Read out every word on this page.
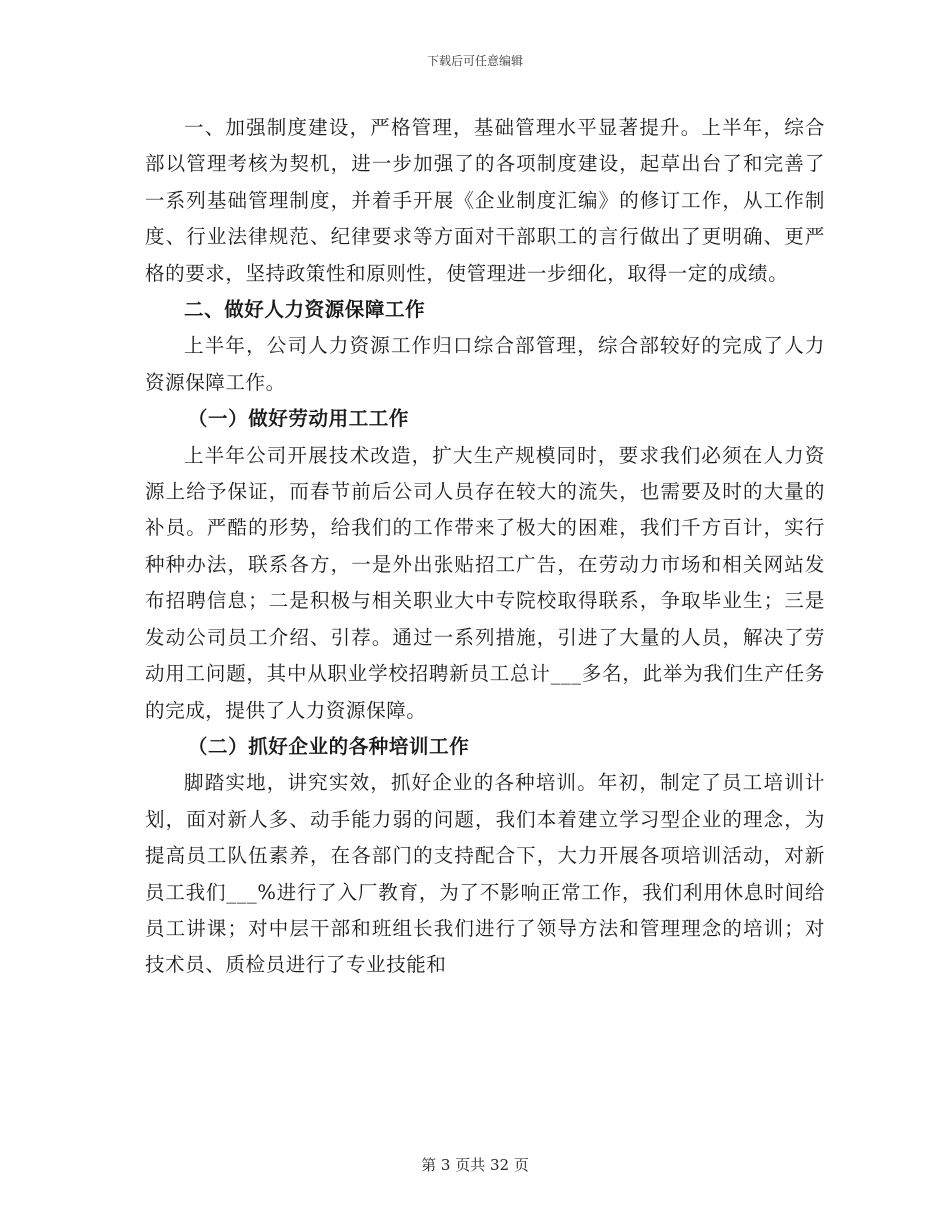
下载后可任意编辑

一、加强制度建设，严格管理，基础管理水平显著提升。上半年，综合部以管理考核为契机，进一步加强了的各项制度建设，起草出台了和完善了一系列基础管理制度，并着手开展《企业制度汇编》的修订工作，从工作制度、行业法律规范、纪律要求等方面对干部职工的言行做出了更明确、更严格的要求，坚持政策性和原则性，使管理进一步细化，取得一定的成绩。

二、做好人力资源保障工作

上半年，公司人力资源工作归口综合部管理，综合部较好的完成了人力资源保障工作。

（一）做好劳动用工工作

上半年公司开展技术改造，扩大生产规模同时，要求我们必须在人力资源上给予保证，而春节前后公司人员存在较大的流失，也需要及时的大量的补员。严酷的形势，给我们的工作带来了极大的困难，我们千方百计，实行种种办法，联系各方，一是外出张贴招工广告，在劳动力市场和相关网站发布招聘信息；二是积极与相关职业大中专院校取得联系，争取毕业生；三是发动公司员工介绍、引荐。通过一系列措施，引进了大量的人员，解决了劳动用工问题，其中从职业学校招聘新员工总计___多名，此举为我们生产任务的完成，提供了人力资源保障。

（二）抓好企业的各种培训工作

脚踏实地，讲究实效，抓好企业的各种培训。年初，制定了员工培训计划，面对新人多、动手能力弱的问题，我们本着建立学习型企业的理念，为提高员工队伍素养，在各部门的支持配合下，大力开展各项培训活动，对新员工我们___%进行了入厂教育，为了不影响正常工作，我们利用休息时间给员工讲课；对中层干部和班组长我们进行了领导方法和管理理念的培训；对技术员、质检员进行了专业技能和

第 3 页共 32 页
